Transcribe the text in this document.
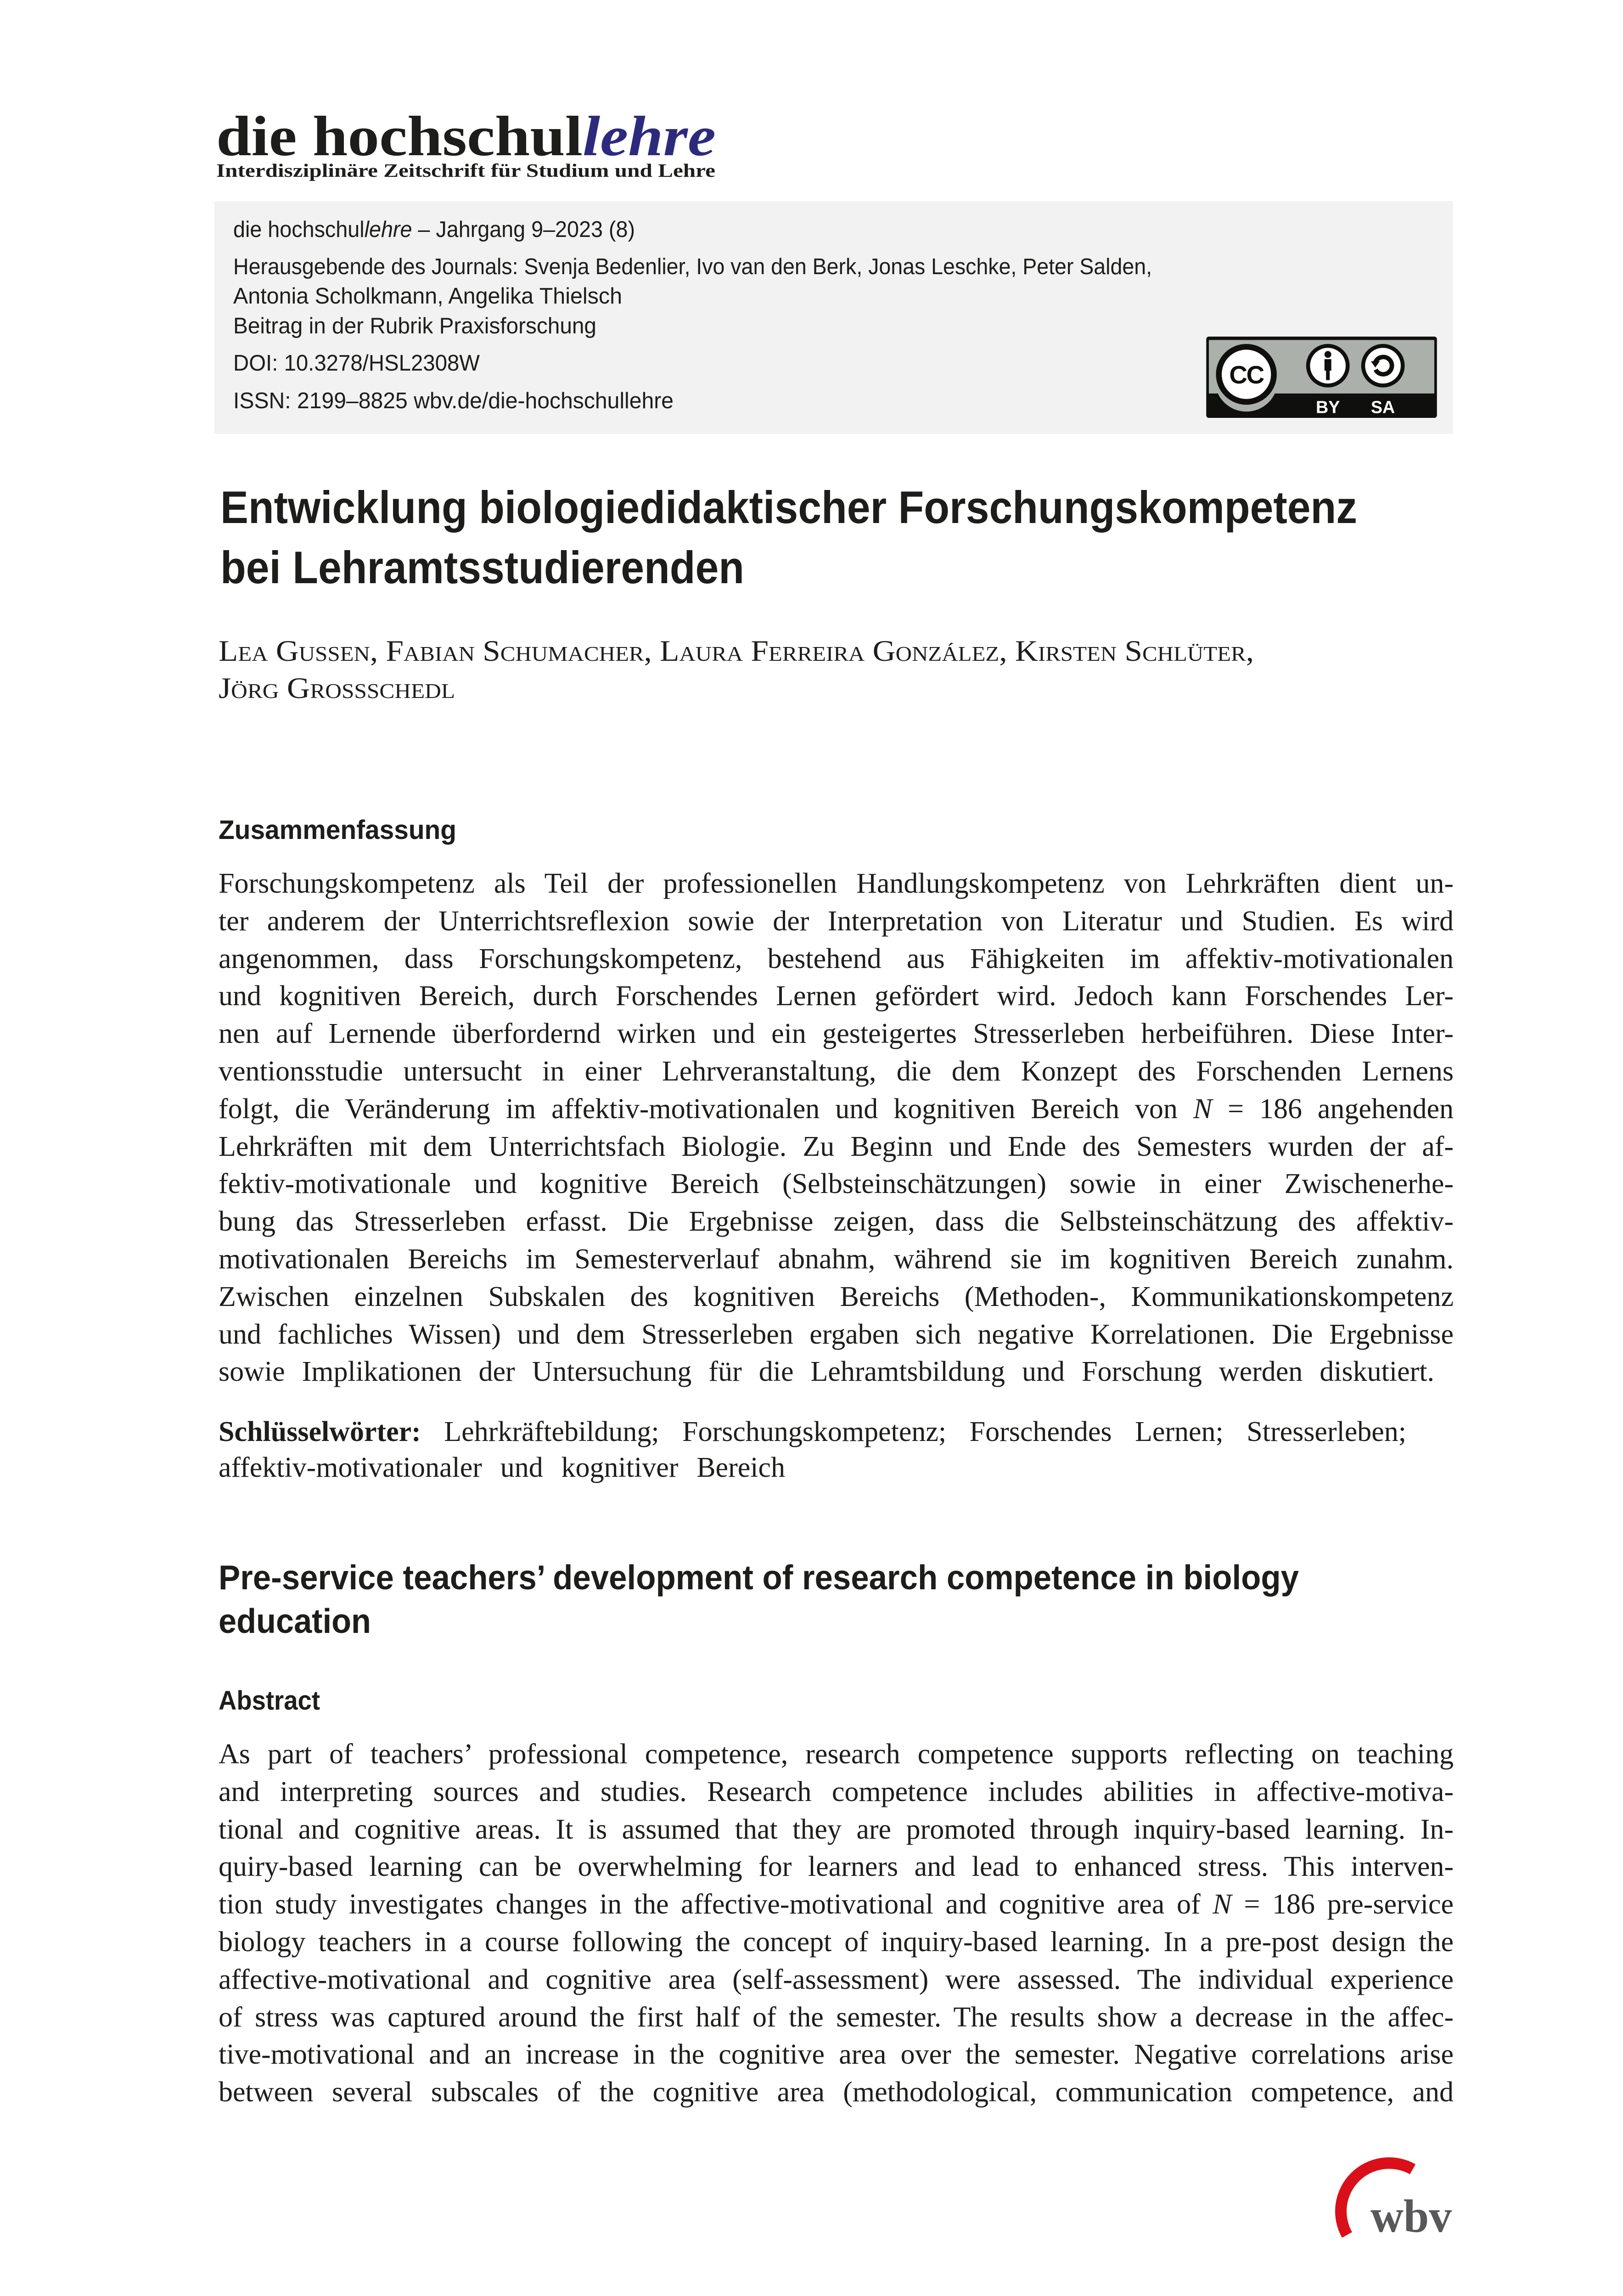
die hochschullehre
Interdisziplinäre Zeitschrift für Studium und Lehre
die hochschullehre – Jahrgang 9–2023 (8)
Herausgebende des Journals: Svenja Bedenlier, Ivo van den Berk, Jonas Leschke, Peter Salden,
Antonia Scholkmann, Angelika Thielsch
Beitrag in der Rubrik Praxisforschung
DOI: 10.3278/HSL2308W
ISSN: 2199–8825 wbv.de/die-hochschullehre
CC
BY	SA
Entwicklung biologiedidaktischer Forschungskompetenz
bei Lehramtsstudierenden
Lea Gussen, Fabian Schumacher, Laura Ferreira González, Kirsten Schlüter,
Jörg Grossschedl
Zusammenfassung
Forschungskompetenz als Teil der professionellen Handlungskompetenz von Lehrkräften dient un-
ter anderem der Unterrichtsreflexion sowie der Interpretation von Literatur und Studien. Es wird
angenommen, dass Forschungskompetenz, bestehend aus Fähigkeiten im affektiv-motivationalen
und kognitiven Bereich, durch Forschendes Lernen gefördert wird. Jedoch kann Forschendes Ler-
nen auf Lernende überfordernd wirken und ein gesteigertes Stresserleben herbeiführen. Diese Inter-
ventionsstudie untersucht in einer Lehrveranstaltung, die dem Konzept des Forschenden Lernens
folgt, die Veränderung im affektiv-motivationalen und kognitiven Bereich von N = 186 angehenden
Lehrkräften mit dem Unterrichtsfach Biologie. Zu Beginn und Ende des Semesters wurden der af-
fektiv-motivationale und kognitive Bereich (Selbsteinschätzungen) sowie in einer Zwischenerhe-
bung das Stresserleben erfasst. Die Ergebnisse zeigen, dass die Selbsteinschätzung des affektiv-
motivationalen Bereichs im Semesterverlauf abnahm, während sie im kognitiven Bereich zunahm.
Zwischen einzelnen Subskalen des kognitiven Bereichs (Methoden-, Kommunikationskompetenz
und fachliches Wissen) und dem Stresserleben ergaben sich negative Korrelationen. Die Ergebnisse
sowie Implikationen der Untersuchung für die Lehramtsbildung und Forschung werden diskutiert.
Schlüsselwörter: Lehrkräftebildung; Forschungskompetenz; Forschendes Lernen; Stresserleben;
affektiv-motivationaler und kognitiver Bereich
Pre-service teachers’ development of research competence in biology
education
Abstract
As part of teachers’ professional competence, research competence supports reflecting on teaching
and interpreting sources and studies. Research competence includes abilities in affective-motiva-
tional and cognitive areas. It is assumed that they are promoted through inquiry-based learning. In-
quiry-based learning can be overwhelming for learners and lead to enhanced stress. This interven-
tion study investigates changes in the affective-motivational and cognitive area of N = 186 pre-service
biology teachers in a course following the concept of inquiry-based learning. In a pre-post design the
affective-motivational and cognitive area (self-assessment) were assessed. The individual experience
of stress was captured around the first half of the semester. The results show a decrease in the affec-
tive-motivational and an increase in the cognitive area over the semester. Negative correlations arise
between several subscales of the cognitive area (methodological, communication competence, and
wbv
